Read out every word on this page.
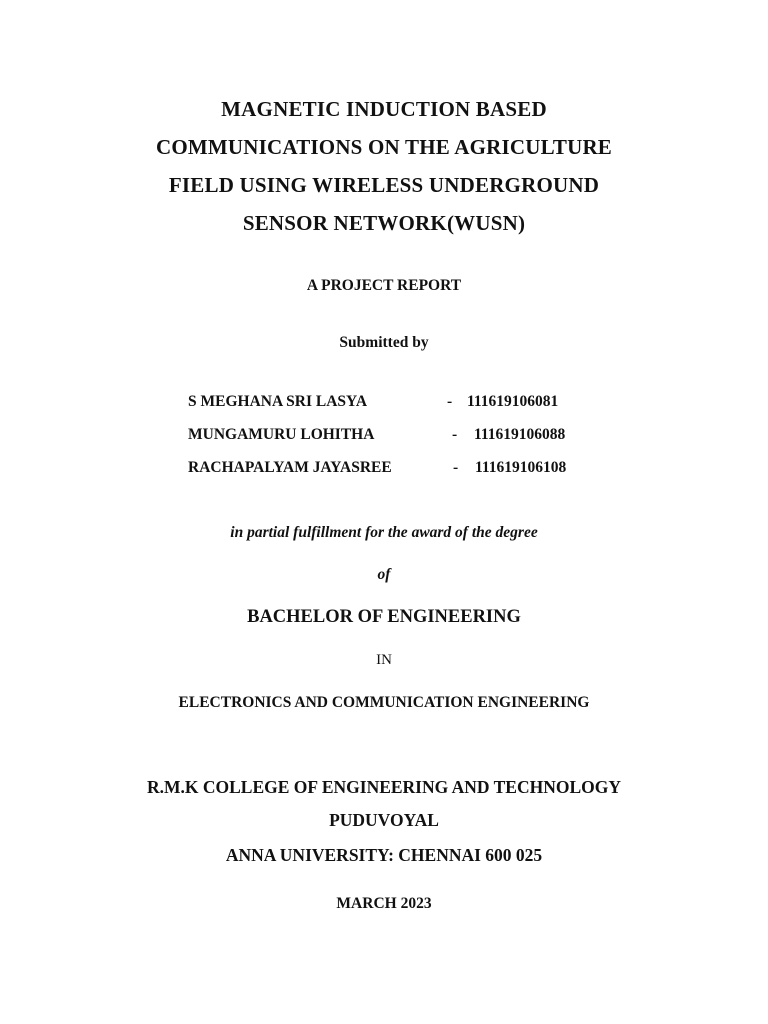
MAGNETIC INDUCTION BASED

COMMUNICATIONS ON THE AGRICULTURE

FIELD USING WIRELESS UNDERGROUND

SENSOR NETWORK(WUSN)

A PROJECT REPORT

Submitted by

S MEGHANA SRI LASYA	- 111619106081
MUNGAMURU LOHITHA	- 111619106088
RACHAPALYAM JAYASREE	- 111619106108

in partial fulfillment for the award of the degree

of

BACHELOR OF ENGINEERING

IN

ELECTRONICS AND COMMUNICATION ENGINEERING

R.M.K COLLEGE OF ENGINEERING AND TECHNOLOGY

PUDUVOYAL

ANNA UNIVERSITY: CHENNAI 600 025

MARCH 2023
